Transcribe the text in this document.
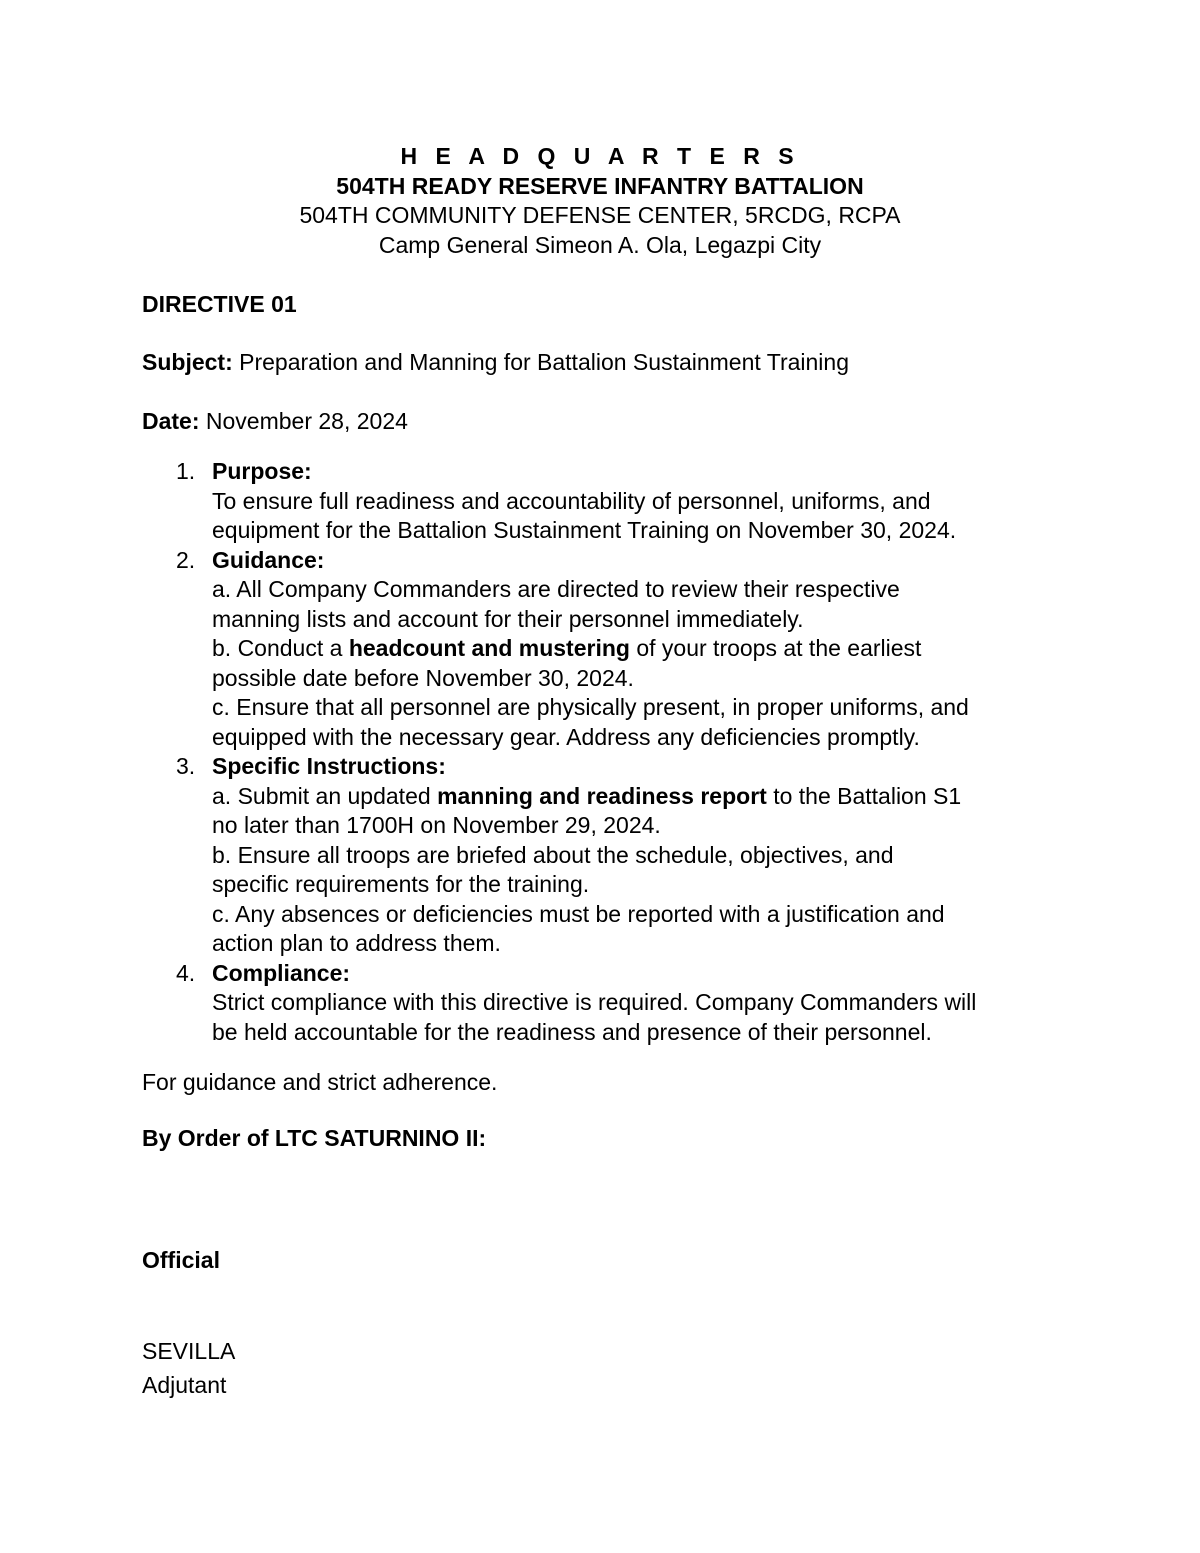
H E A D Q U A R T E R S
504TH READY RESERVE INFANTRY BATTALION
504TH COMMUNITY DEFENSE CENTER, 5RCDG, RCPA
Camp General Simeon A. Ola, Legazpi City
DIRECTIVE 01
Subject: Preparation and Manning for Battalion Sustainment Training
Date: November 28, 2024
1. Purpose:
To ensure full readiness and accountability of personnel, uniforms, and
equipment for the Battalion Sustainment Training on November 30, 2024.
2. Guidance:
a. All Company Commanders are directed to review their respective
manning lists and account for their personnel immediately.
b. Conduct a headcount and mustering of your troops at the earliest
possible date before November 30, 2024.
c. Ensure that all personnel are physically present, in proper uniforms, and
equipped with the necessary gear. Address any deficiencies promptly.
3. Specific Instructions:
a. Submit an updated manning and readiness report to the Battalion S1
no later than 1700H on November 29, 2024.
b. Ensure all troops are briefed about the schedule, objectives, and
specific requirements for the training.
c. Any absences or deficiencies must be reported with a justification and
action plan to address them.
4. Compliance:
Strict compliance with this directive is required. Company Commanders will
be held accountable for the readiness and presence of their personnel.
For guidance and strict adherence.
By Order of LTC SATURNINO II:
Official
SEVILLA
Adjutant
